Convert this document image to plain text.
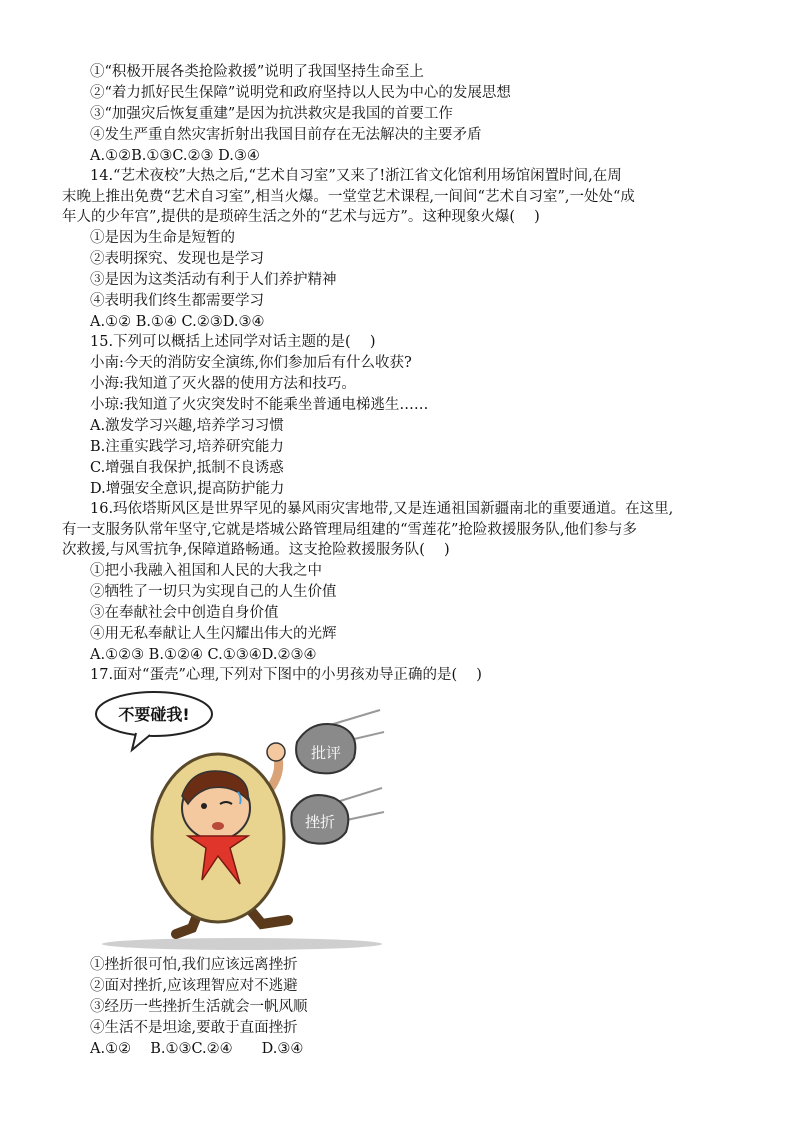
①“积极开展各类抢险救援”说明了我国坚持生命至上
②“着力抓好民生保障”说明党和政府坚持以人民为中心的发展思想
③“加强灾后恢复重建”是因为抗洪救灾是我国的首要工作
④发生严重自然灾害折射出我国目前存在无法解决的主要矛盾
A.①②B.①③C.②③ D.③④
14.“艺术夜校”大热之后,“艺术自习室”又来了!浙江省文化馆利用场馆闲置时间,在周
末晚上推出免费“艺术自习室”,相当火爆。一堂堂艺术课程,一间间“艺术自习室”,一处处“成
年人的少年宫”,提供的是琐碎生活之外的“艺术与远方”。这种现象火爆(　 )
①是因为生命是短暂的
②表明探究、发现也是学习
③是因为这类活动有利于人们养护精神
④表明我们终生都需要学习
A.①② B.①④ C.②③D.③④
15.下列可以概括上述同学对话主题的是(　 )
小南:今天的消防安全演练,你们参加后有什么收获?
小海:我知道了灭火器的使用方法和技巧。
小琼:我知道了火灾突发时不能乘坐普通电梯逃生……
A.激发学习兴趣,培养学习习惯
B.注重实践学习,培养研究能力
C.增强自我保护,抵制不良诱惑
D.增强安全意识,提高防护能力
16.玛依塔斯风区是世界罕见的暴风雨灾害地带,又是连通祖国新疆南北的重要通道。在这里,
有一支服务队常年坚守,它就是塔城公路管理局组建的“雪莲花”抢险救援服务队,他们参与多
次救援,与风雪抗争,保障道路畅通。这支抢险救援服务队(　 )
①把小我融入祖国和人民的大我之中
②牺牲了一切只为实现自己的人生价值
③在奉献社会中创造自身价值
④用无私奉献让人生闪耀出伟大的光辉
A.①②③ B.①②④ C.①③④D.②③④
17.面对“蛋壳”心理,下列对下图中的小男孩劝导正确的是(　 )
不要碰我!
批评
挫折
①挫折很可怕,我们应该远离挫折
②面对挫折,应该理智应对不逃避
③经历一些挫折生活就会一帆风顺
④生活不是坦途,要敢于直面挫折
A.①②　 B.①③C.②④　　D.③④
